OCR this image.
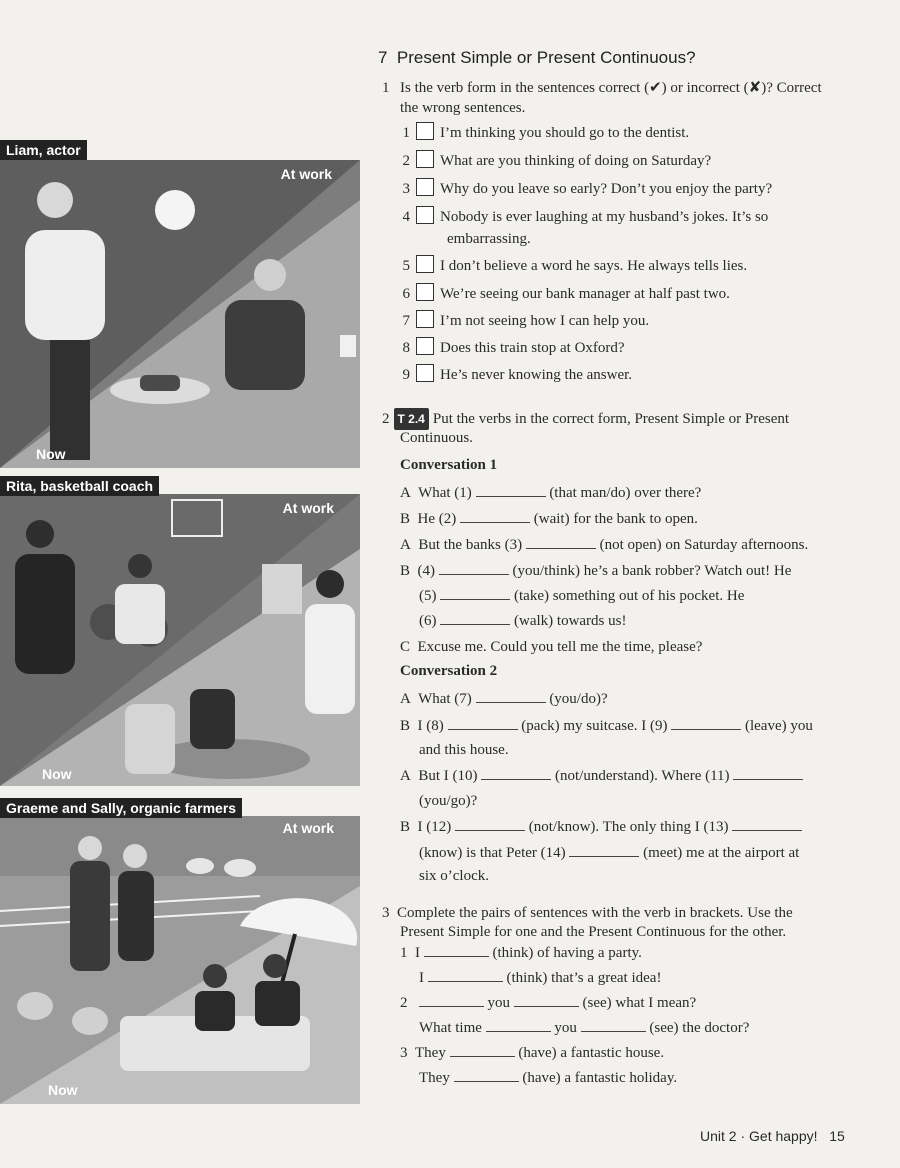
Liam, actor
At work
Now
Rita, basketball coach
At work
Now
Graeme and Sally, organic farmers
At work
Now
7 Present Simple or Present Continuous?
1 Is the verb form in the sentences correct (✔) or incorrect (✘)? Correct the wrong sentences.
1 I’m thinking you should go to the dentist.
2 What are you thinking of doing on Saturday?
3 Why do you leave so early? Don’t you enjoy the party?
4 Nobody is ever laughing at my husband’s jokes. It’s so
embarrassing.
5 I don’t believe a word he says. He always tells lies.
6 We’re seeing our bank manager at half past two.
7 I’m not seeing how I can help you.
8 Does this train stop at Oxford?
9 He’s never knowing the answer.
2 T 2.4 Put the verbs in the correct form, Present Simple or Present
Continuous.
Conversation 1
A What (1)	(that man/do) over there?
B He (2)	(wait) for the bank to open.
A But the banks (3)	(not open) on Saturday afternoons.
B (4)	(you/think) he’s a bank robber? Watch out! He
(5)	(take) something out of his pocket. He
(6)	(walk) towards us!
C Excuse me. Could you tell me the time, please?
Conversation 2
A What (7)	(you/do)?
B I (8)	(pack) my suitcase. I (9)	(leave) you
and this house.
A But I (10)	(not/understand). Where (11)
(you/go)?
B I (12)	(not/know). The only thing I (13)
(know) is that Peter (14)	(meet) me at the airport at
six o’clock.
3 Complete the pairs of sentences with the verb in brackets. Use the
Present Simple for one and the Present Continuous for the other.
1 I	(think) of having a party.
I	(think) that’s a great idea!
2	you	(see) what I mean?
What time	you	(see) the doctor?
3 They	(have) a fantastic house.
They	(have) a fantastic holiday.
Unit 2 · Get happy! 15
